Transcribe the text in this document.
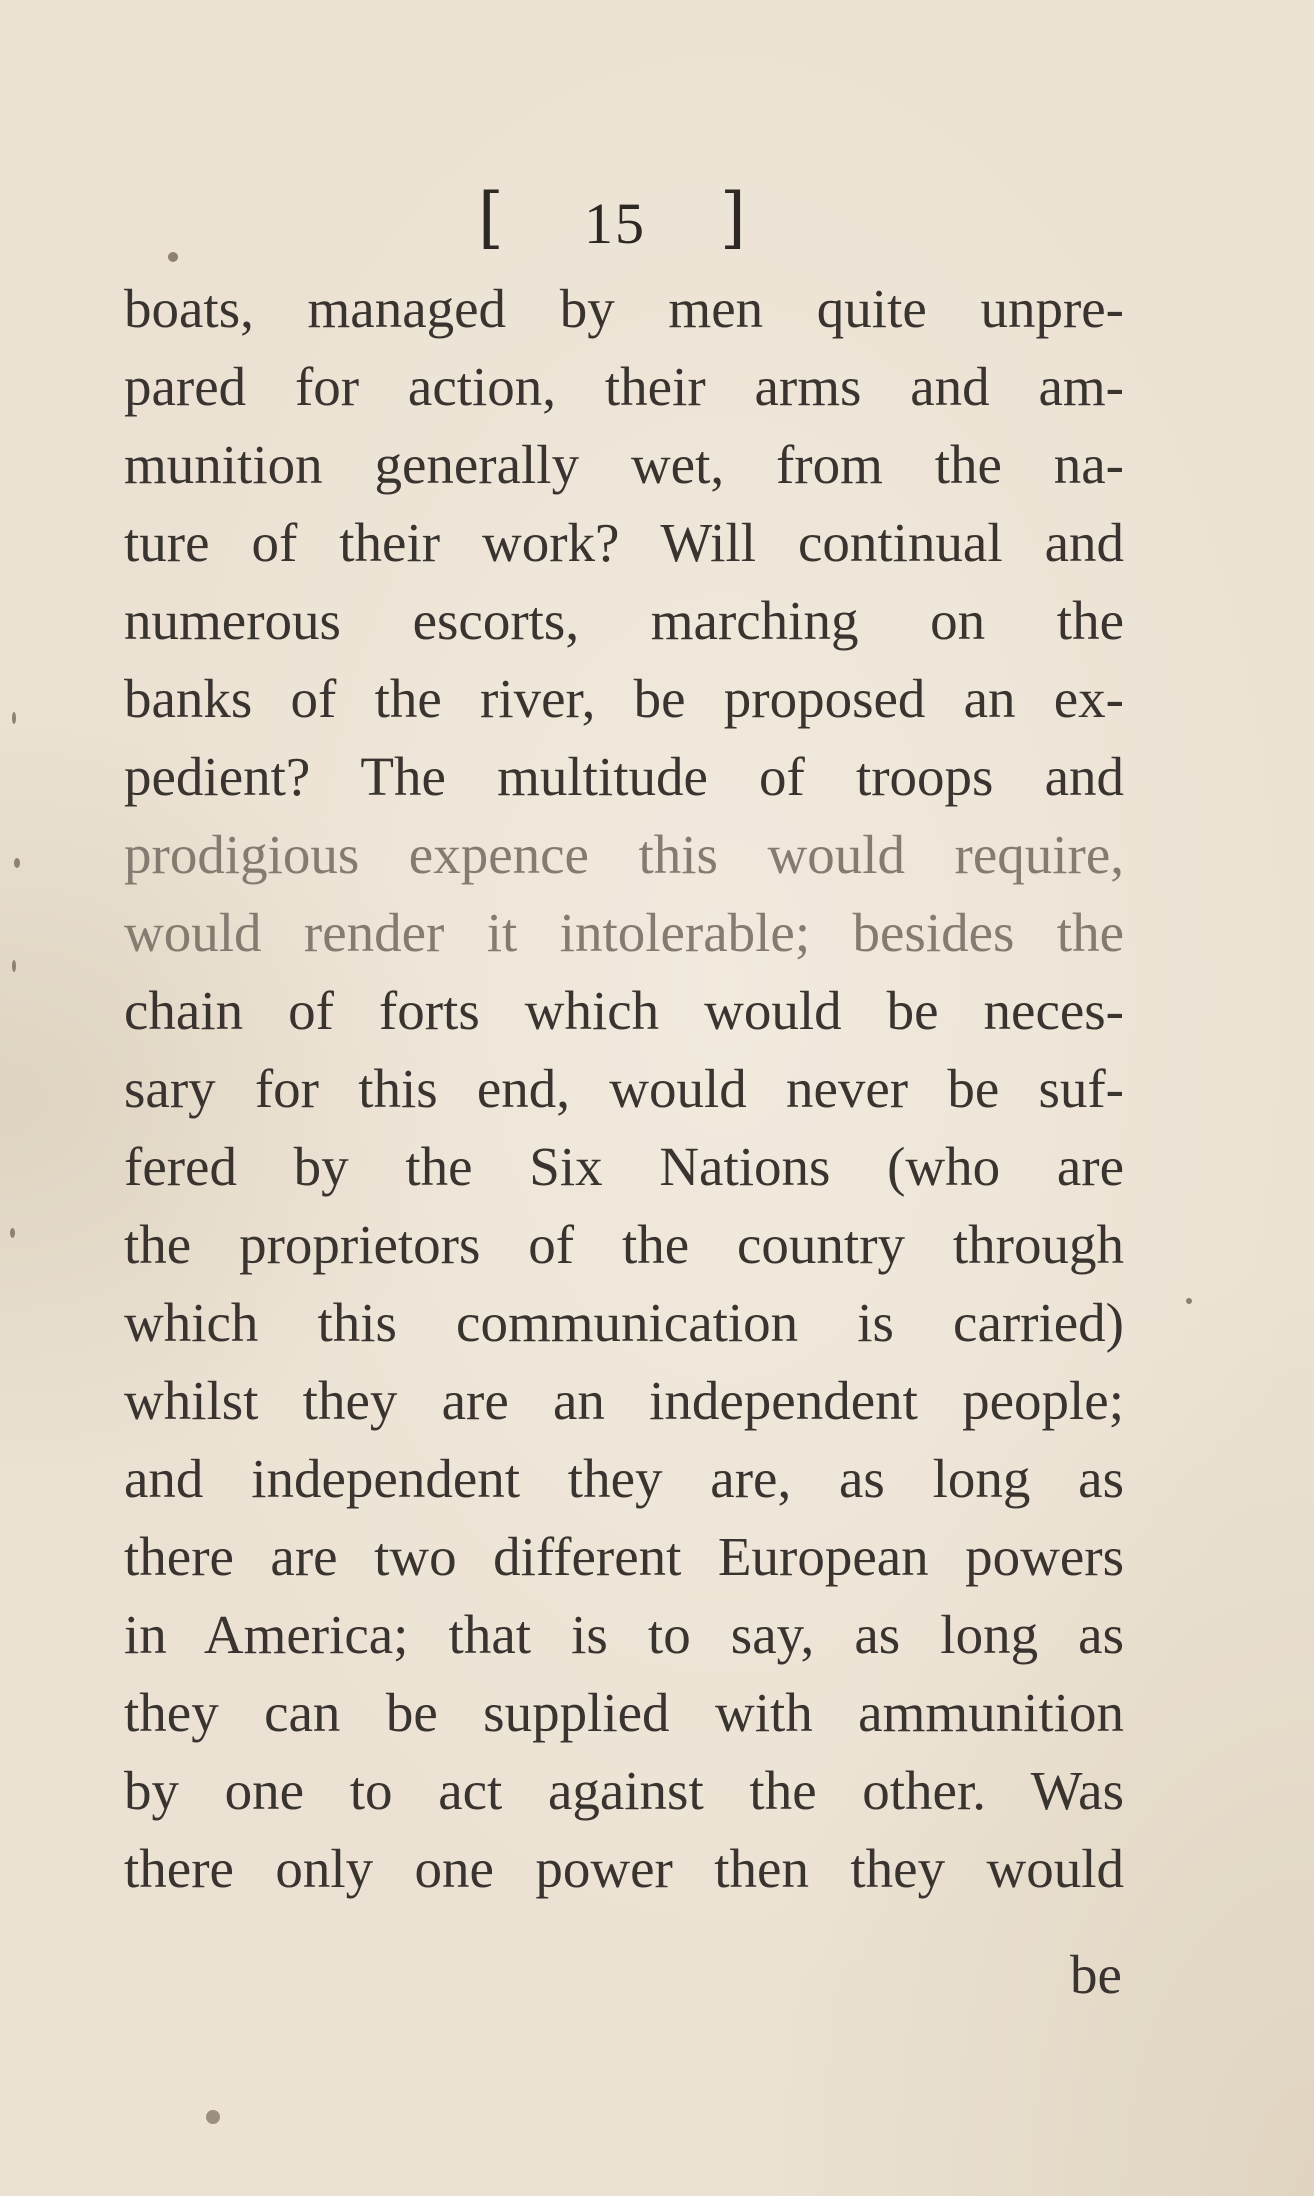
[ 15 ]
boats, managed by men quite unpre-
pared for action, their arms and am-
munition generally wet, from the na-
ture of their work? Will continual and
numerous escorts, marching on the
banks of the river, be proposed an ex-
pedient? The multitude of troops and
prodigious expence this would require,
would render it intolerable; besides the
chain of forts which would be neces-
sary for this end, would never be suf-
fered by the Six Nations (who are
the proprietors of the country through
which this communication is carried)
whilst they are an independent people;
and independent they are, as long as
there are two different European powers
in America; that is to say, as long as
they can be supplied with ammunition
by one to act against the other. Was
there only one power then they would
be
